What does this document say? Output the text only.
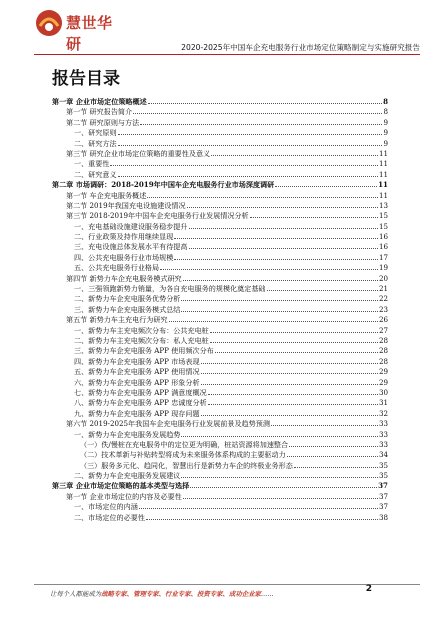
慧世华研	2020-2025年中国车企充电服务行业市场定位策略制定与实施研究报告
报告目录
第一章 企业市场定位策略概述	8
第一节 研究报告简介	8
第二节 研究原则与方法	9
一、研究原则	9
二、研究方法	9
第三节 研究企业市场定位策略的重要性及意义	11
一、重要性	11
二、研究意义	11
第二章 市场调研：2018-2019年中国车企充电服务行业市场深度调研	11
第一节 车企充电服务概述	11
第二节 2019年我国充电设施建设情况	13
第三节 2018-2019年中国车企充电服务行业发展情况分析	15
一、充电基础设施建设服务稳步提升	15
二、行业政策及持作用继续显现	16
三、充电设施总体发展水平有待提高	16
四、公共充电服务行业市场规模	17
五、公共充电服务行业格局	19
第四节 新势力车企充电服务模式研究	20
一、三强领跑新势力销量，为各自充电服务的规模化奠定基础	21
二、新势力车企充电服务优势分析	22
三、新势力车企充电服务模式总结	23
第五节 新势力车主充电行为研究	26
一、新势力车主充电频次分布：公共充电桩	27
二、新势力车主充电频次分布：私人充电桩	28
三、新势力车企充电服务 APP 使用频次分布	28
四、新势力车企充电服务 APP 市场表现	28
五、新势力车企充电服务 APP 使用情况	29
六、新势力车企充电服务 APP 形象分析	29
七、新势力车企充电服务 APP 满意度概况	30
八、新势力车企充电服务 APP 忠诚度分析	31
九、新势力车企充电服务 APP 现存问题	32
第六节 2019-2025年我国车企充电服务行业发展前景及趋势预测	33
一、新势力车企充电服务发展趋势	33
（一）佚/慢桩在充电服务中的定位更为明确，桩站资源将加速整合	33
（二）技术革新与补贴转型将成为未来服务体系构成的主要驱动力	34
（三）服务多元化、趋同化，智慧出行是新势力车企的终极业务形态	35
二、新势力车企充电服务发展建议	35
第三章 企业市场定位策略的基本类型与选择	37
第一节 企业市场定位的内容及必要性	37
一、市场定位的内涵	37
二、市场定位的必要性	38
让每个人都能成为战略专家、管理专家、行业专家、投资专家、成功企业家……	2
